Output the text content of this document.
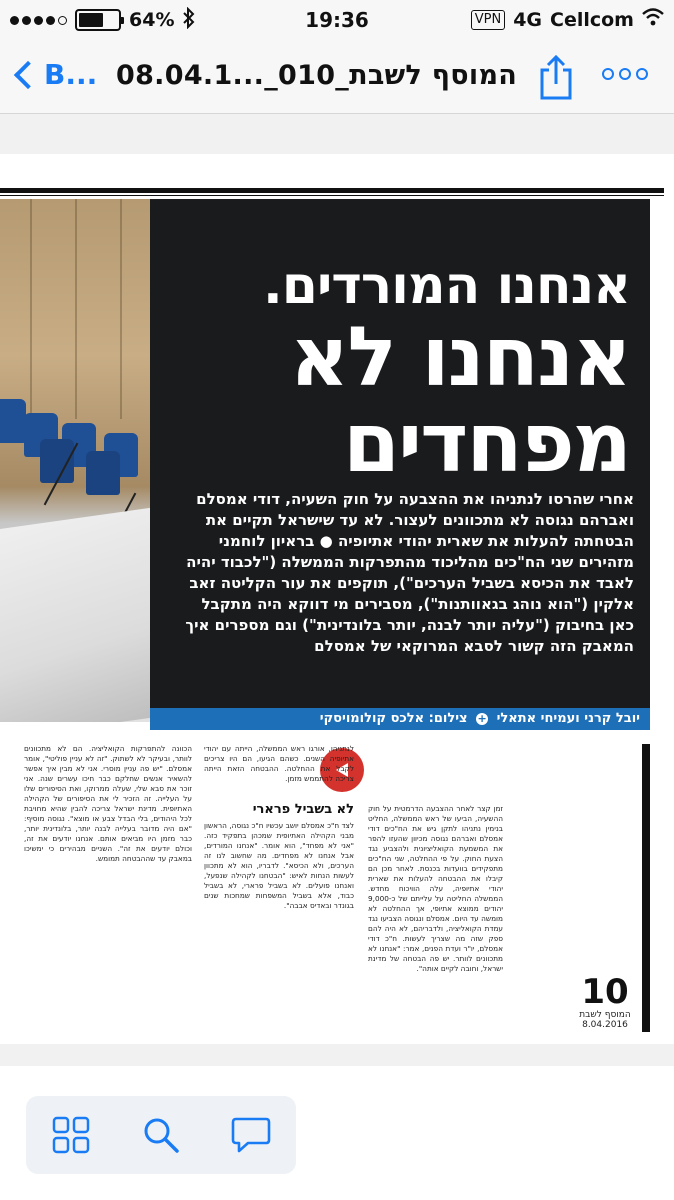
64%	19:36	VPN 4G Cellcom
B... 08.04.1..._המוסף לשבת_010
אנחנו המורדים.
אנחנו לא
מפחדים
אחרי שהרסו לנתניהו את ההצבעה על חוק השעיה, דודי אמסלם ואברהם נגוסה לא מתכוונים לעצור. לא עד שישראל תקיים את הבטחתה להעלות את שארית יהודי אתיופיה ● בראיון לוחמני מזהירים שני הח"כים מהליכוד מהתפרקות הממשלה ("לכבוד יהיה לאבד את הכיסא בשביל הערכים"), תוקפים את עור הקליטה זאב אלקין ("הוא נוהג בגאוותנות"), מסבירים מי דווקא היה מתקבל כאן בחיבוק ("עליה יותר לבנה, יותר בלונדינית") וגם מספרים איך המאבק הזה קשור לסבא המרוקאי של אמסלם
יובל קרני ועמיחי אתאלי + צילום: אלכס קולומויסקי
זמן קצר לאחר ההצבעה הדרמטית על חוק ההשעיה, הביעו של ראש הממשלה, החליט בנימין נתניהו לתקן גיש את הח"כים דודי אמסלם ואברהם נגוסה מכיוון שהעזו להפר את המשמעת הקואליציונית ולהצביע נגד הצעת החוק. על פי ההחלטה, שני הח"כים מתפקידים בוועדות בכנסת. לאחר מכן הם קיבלו את ההבטחה להעלות את שארית יהודי אתיופיה, עלה הוויכוח מחדש. הממשלה החליטה על עלייתם של כ-9,000 יהודים ממוצא אתיופי, אך ההחלטה לא מומשה עד היום. אמסלם ונגוסה הצביעו נגד עמדת הקואליציה, ולדבריהם, לא היה להם ספק שזה מה שצריך לעשות. ח"כ דודי אמסלם, יו"ר ועדת הפנים, אמר: "אנחנו לא מתכוונים לוותר. יש פה הבטחה של מדינת ישראל, וחובה לקיים אותה".
לנתניהו, אורגו ראש הממשלה, הייתה עם יהודי אתיופיה השנים. כשהם הגיעו, הם היו צריכים לקבל את ההחלטה. ההבטחה הזאת הייתה צריכה להתממש מזמן.
לא בשביל פרארי
לצד ח"כ אמסלם יושב עכשיו ח"כ נגוסה, הראשון מבני הקהילה האתיופית שמכהן בתפקיד כזה. "אני לא מפחד", הוא אומר. "אנחנו המורדים, אבל אנחנו לא מפחדים. מה שחשוב לנו זה הערכים, ולא הכיסא". לדבריו, הוא לא מתכוון לעשות הנחות לאיש: "הבטחנו לקהילה שנפעל, ואנחנו פועלים. לא בשביל פרארי, לא בשביל כבוד, אלא בשביל המשפחות שמחכות שנים בגונדר ובאדיס אבבה".
הכוונה להתפרקות הקואליציה. הם לא מתכוונים לוותר, ובעיקר לא לשתוק. "זה לא עניין פוליטי", אומר אמסלם. "יש פה עניין מוסרי. אני לא מבין איך אפשר להשאיר אנשים שחלקם כבר חיכו עשרים שנה. אני זוכר את סבא שלי, שעלה ממרוקו, ואת הסיפורים שלו על העלייה. זה הזכיר לי את הסיפורים של הקהילה האתיופית. מדינת ישראל צריכה להבין שהיא מחויבת לכל היהודים, בלי הבדל צבע או מוצא". נגוסה מוסיף: "אם היה מדובר בעלייה לבנה יותר, בלונדינית יותר, כבר מזמן היו מביאים אותם. אנחנו יודעים את זה, וכולם יודעים את זה". השניים מבהירים כי ימשיכו במאבק עד שההבטחה תמומש.
10
המוסף לשבת
8.04.2016
